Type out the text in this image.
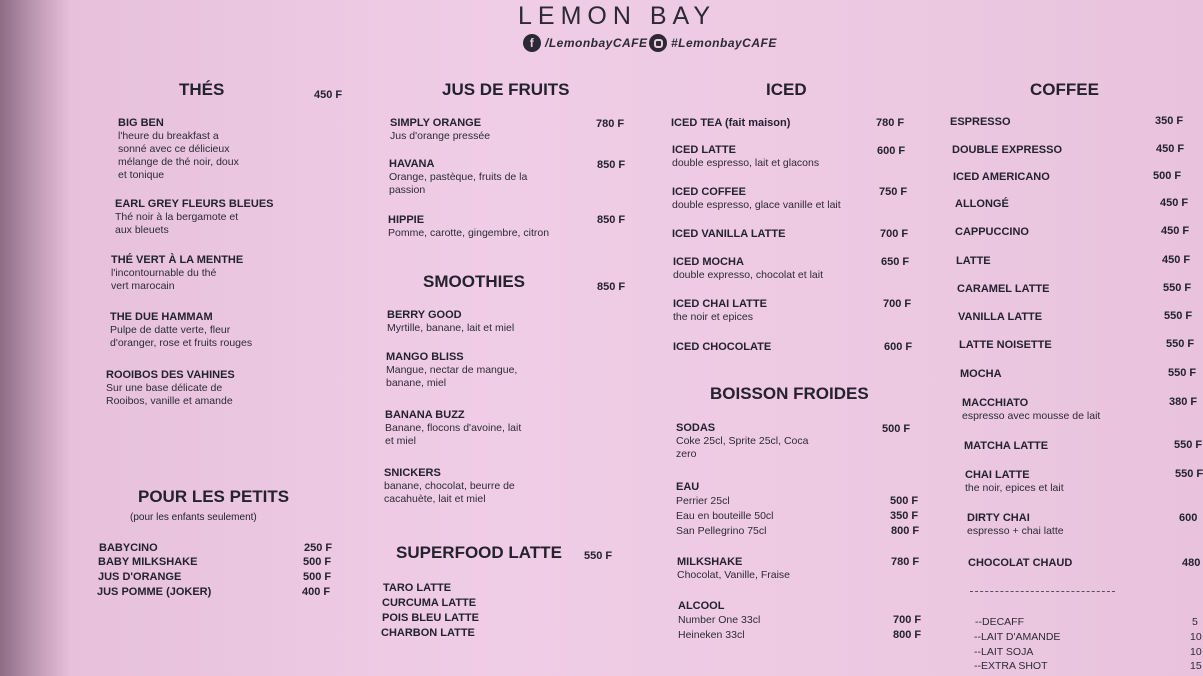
LEMON BAY
f /LemonbayCAFE #LemonbayCAFE
THÉS	450 F
BIG BEN
l'heure du breakfast a
sonné avec ce délicieux
mélange de thé noir, doux
et tonique
EARL GREY FLEURS BLEUES
Thé noir à la bergamote et
aux bleuets
THÉ VERT À LA MENTHE
l'incontournable du thé
vert marocain
THE DUE HAMMAM
Pulpe de datte verte, fleur
d'oranger, rose et fruits rouges
ROOIBOS DES VAHINES
Sur une base délicate de
Rooibos, vanille et amande
POUR LES PETITS
(pour les enfants seulement)
BABYCINO	250 F
BABY MILKSHAKE	500 F
JUS D'ORANGE	500 F
JUS POMME (JOKER)	400 F
JUS DE FRUITS
SIMPLY ORANGE
Jus d'orange pressée
780 F
HAVANA
Orange, pastèque, fruits de la
passion
850 F
HIPPIE
Pomme, carotte, gingembre, citron
850 F
SMOOTHIES	850 F
BERRY GOOD
Myrtille, banane, lait et miel
MANGO BLISS
Mangue, nectar de mangue,
banane, miel
BANANA BUZZ
Banane, flocons d'avoine, lait
et miel
SNICKERS
banane, chocolat, beurre de
cacahuète, lait et miel
SUPERFOOD LATTE 550 F
TARO LATTE
CURCUMA LATTE
POIS BLEU LATTE
CHARBON LATTE
ICED
ICED TEA (fait maison)	780 F
ICED LATTE
double espresso, lait et glacons
600 F
ICED COFFEE
double espresso, glace vanille et lait
750 F
ICED VANILLA LATTE	700 F
ICED MOCHA
double expresso, chocolat et lait
650 F
ICED CHAI LATTE
the noir et epices
700 F
ICED CHOCOLATE	600 F
BOISSON FROIDES
SODAS
Coke 25cl, Sprite 25cl, Coca
zero
500 F
EAU
Perrier 25cl	500 F
Eau en bouteille 50cl	350 F
San Pellegrino 75cl	800 F
MILKSHAKE
Chocolat, Vanille, Fraise
780 F
ALCOOL
Number One 33cl	700 F
Heineken 33cl	800 F
COFFEE
ESPRESSO	350 F
DOUBLE EXPRESSO	450 F
ICED AMERICANO	500 F
ALLONGÉ	450 F
CAPPUCCINO	450 F
LATTE	450 F
CARAMEL LATTE	550 F
VANILLA LATTE	550 F
LATTE NOISETTE	550 F
MOCHA	550 F
MACCHIATO
espresso avec mousse de lait
380 F
MATCHA LATTE	550 F
CHAI LATTE
the noir, epices et lait
550 F
DIRTY CHAI
espresso + chai latte
600
CHOCOLAT CHAUD	480
--DECAFF	5
--LAIT D'AMANDE	10
--LAIT SOJA	10
--EXTRA SHOT	15
